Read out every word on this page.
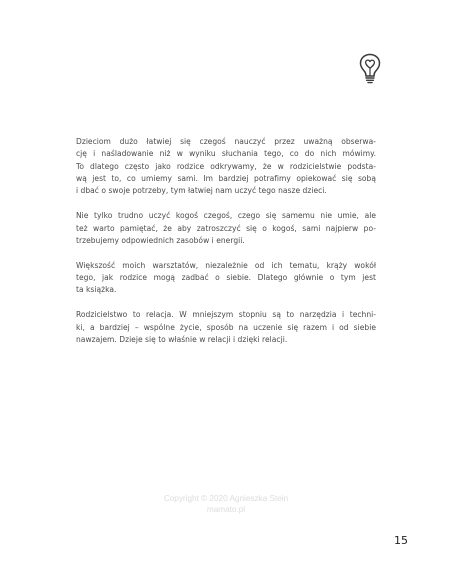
Dzieciom dużo łatwiej się czegoś nauczyć przez uważną obserwa-
cję i naśladowanie niż w wyniku słuchania tego, co do nich mówimy.
To dlatego często jako rodzice odkrywamy, że w rodzicielstwie podsta-
wą jest to, co umiemy sami. Im bardziej potrafimy opiekować się sobą
i dbać o swoje potrzeby, tym łatwiej nam uczyć tego nasze dzieci.

Nie tylko trudno uczyć kogoś czegoś, czego się samemu nie umie, ale
też warto pamiętać, że aby zatroszczyć się o kogoś, sami najpierw po-
trzebujemy odpowiednich zasobów i energii.

Większość moich warsztatów, niezależnie od ich tematu, krąży wokół
tego, jak rodzice mogą zadbać o siebie. Dlatego głównie o tym jest
ta książka.

Rodzicielstwo to relacja. W mniejszym stopniu są to narzędzia i techni-
ki, a bardziej – wspólne życie, sposób na uczenie się razem i od siebie
nawzajem. Dzieje się to właśnie w relacji i dzięki relacji.

Copyright © 2020 Agnieszka Stein
mamato.pl
15
